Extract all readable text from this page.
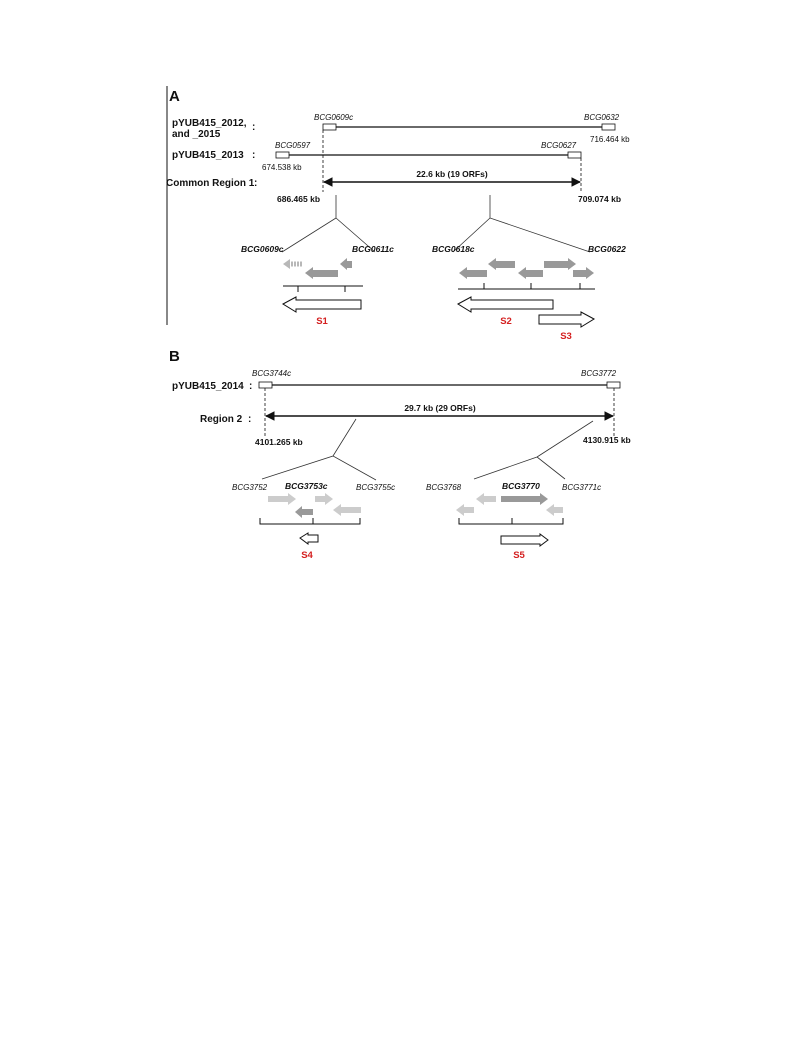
A
pYUB415_2012,
and _2015
:
BCG0609c	BCG0632
716.464 kb
pYUB415_2013 :
BCG0597	BCG0627
674.538 kb
Common Region 1 :
22.6 kb (19 ORFs)
686.465 kb	709.074 kb
BCG0609c	BCG0611c
S1
BCG0618c	BCG0622
S2
S3
B
BCG3744c	BCG3772
pYUB415_2014 :
Region 2 :
29.7 kb (29 ORFs)
4101.265 kb	4130.915 kb
BCG3752 BCG3753c	BCG3755c
S4
BCG3768	BCG3770	BCG3771c
S5
